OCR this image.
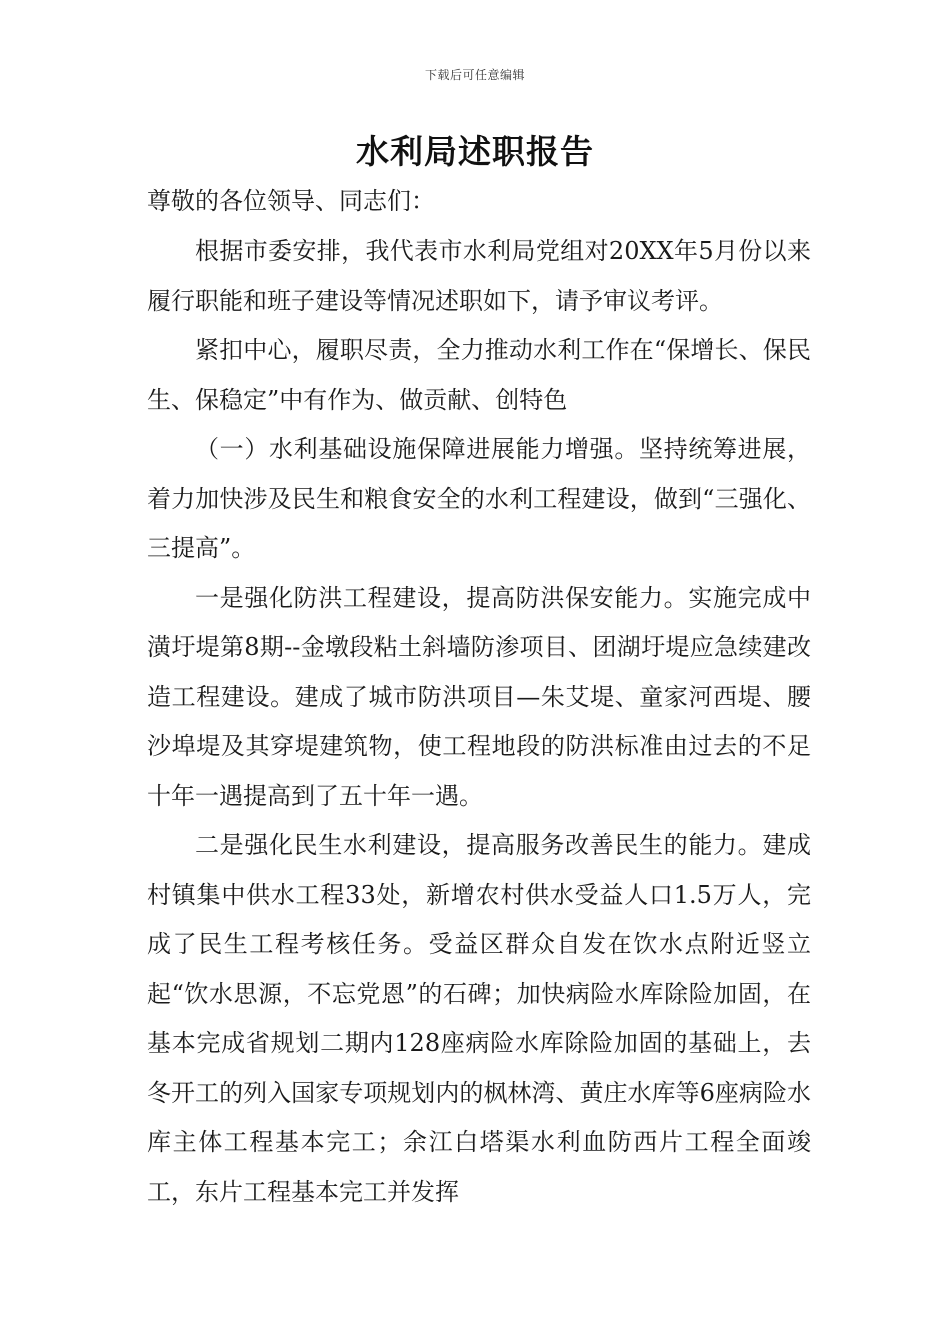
下载后可任意编辑
水利局述职报告

尊敬的各位领导、同志们：

根据市委安排，我代表市水利局党组对20XX年5月份以来履行职能和班子建设等情况述职如下，请予审议考评。

紧扣中心，履职尽责，全力推动水利工作在“保增长、保民生、保稳定”中有作为、做贡献、创特色

（一）水利基础设施保障进展能力增强。坚持统筹进展，着力加快涉及民生和粮食安全的水利工程建设，做到“三强化、三提高”。

一是强化防洪工程建设，提高防洪保安能力。实施完成中潢圩堤第8期--金墩段粘土斜墙防渗项目、团湖圩堤应急续建改造工程建设。建成了城市防洪项目—朱艾堤、童家河西堤、腰沙埠堤及其穿堤建筑物，使工程地段的防洪标准由过去的不足十年一遇提高到了五十年一遇。

二是强化民生水利建设，提高服务改善民生的能力。建成村镇集中供水工程33处，新增农村供水受益人口1.5万人，完成了民生工程考核任务。受益区群众自发在饮水点附近竖立起“饮水思源，不忘党恩”的石碑；加快病险水库除险加固，在基本完成省规划二期内128座病险水库除险加固的基础上，去冬开工的列入国家专项规划内的枫林湾、黄庄水库等6座病险水库主体工程基本完工；余江白塔渠水利血防西片工程全面竣工，东片工程基本完工并发挥
